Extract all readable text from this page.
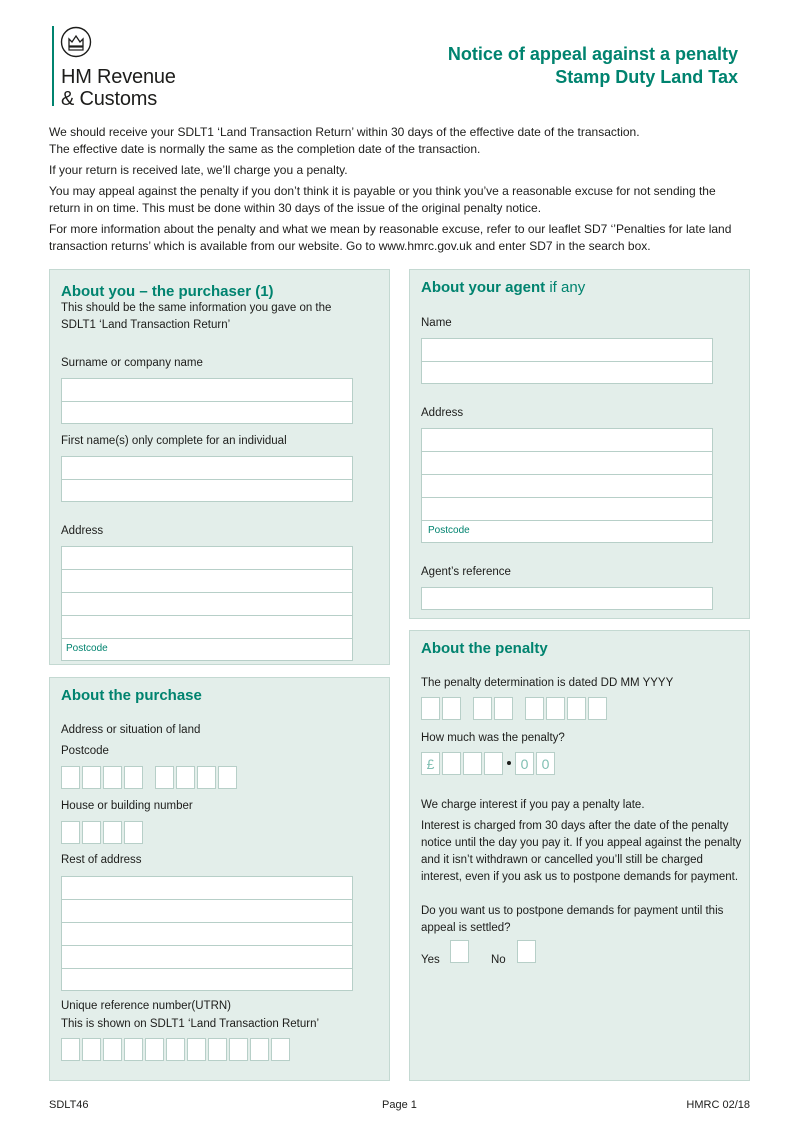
HM Revenue
& Customs
Notice of appeal against a penalty
Stamp Duty Land Tax
We should receive your SDLT1 ‘Land Transaction Return’ within 30 days of the effective date of the transaction.
The effective date is normally the same as the completion date of the transaction.
If your return is received late, we’ll charge you a penalty.
You may appeal against the penalty if you don’t think it is payable or you think you’ve a reasonable excuse for not sending the
return in on time. This must be done within 30 days of the issue of the original penalty notice.
For more information about the penalty and what we mean by reasonable excuse, refer to our leaflet SD7 ‘’Penalties for late land
transaction returns’ which is available from our website. Go to www.hmrc.gov.uk and enter SD7 in the search box.
About you – the purchaser (1)
This should be the same information you gave on the
SDLT1 ‘Land Transaction Return’
Surname or company name
First name(s) only complete for an individual
Address
Postcode
About the purchase
Address or situation of land
Postcode
House or building number
Rest of address
Unique reference number(UTRN)
This is shown on SDLT1 ‘Land Transaction Return’
About your agent if any
Name
Address
Postcode
Agent’s reference
About the penalty
The penalty determination is dated DD MM YYYY
How much was the penalty?
£	0 0
We charge interest if you pay a penalty late.
Interest is charged from 30 days after the date of the penalty
notice until the day you pay it. If you appeal against the penalty
and it isn’t withdrawn or cancelled you’ll still be charged
interest, even if you ask us to postpone demands for payment.
Do you want us to postpone demands for payment until this
appeal is settled?
Yes	No
SDLT46	Page 1	HMRC 02/18
